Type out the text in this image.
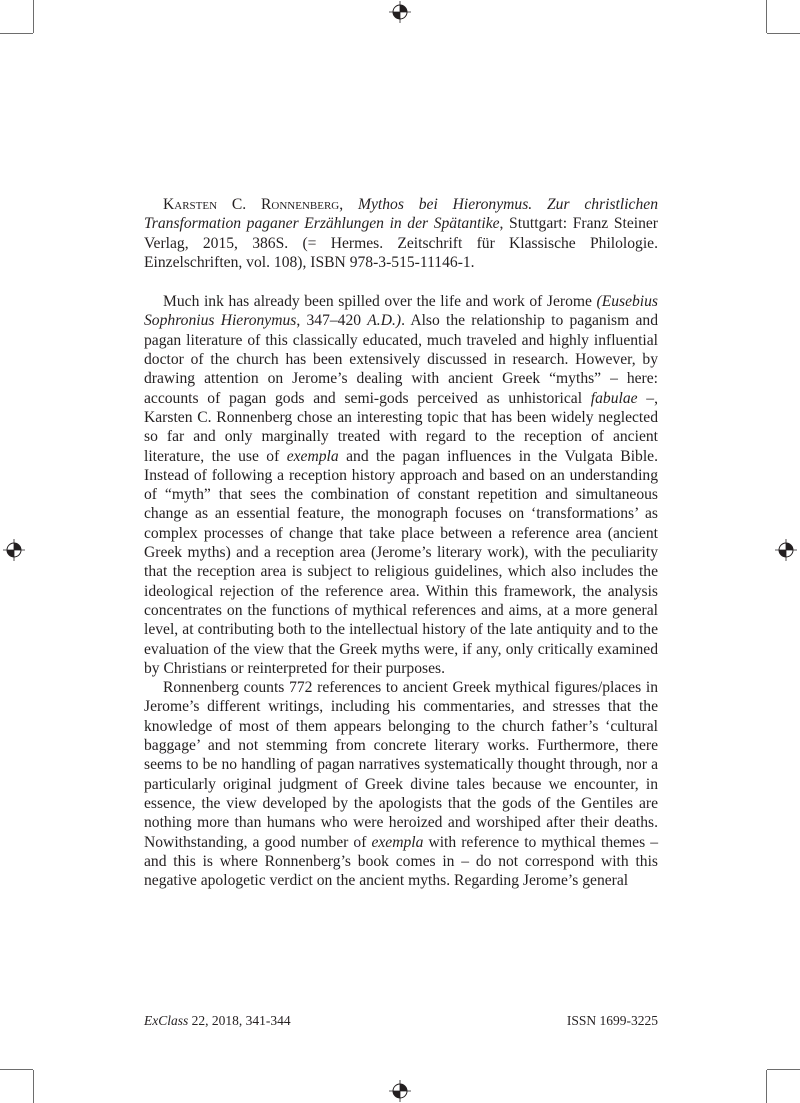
Karsten C. Ronnenberg, Mythos bei Hieronymus. Zur christlichen Transformation paganer Erzählungen in der Spätantike, Stuttgart: Franz Steiner Verlag, 2015, 386S. (= Hermes. Zeitschrift für Klassische Philologie. Einzelschriften, vol. 108), ISBN 978-3-515-11146-1.

Much ink has already been spilled over the life and work of Jerome (Eusebius Sophronius Hieronymus, 347–420 A.D.). Also the relationship to paganism and pagan literature of this classically educated, much traveled and highly influential doctor of the church has been extensively discussed in research. However, by drawing attention on Jerome’s dealing with ancient Greek “myths” – here: accounts of pagan gods and semi-gods perceived as unhistorical fabulae –, Karsten C. Ronnenberg chose an interesting topic that has been widely neglected so far and only marginally treated with regard to the reception of ancient literature, the use of exempla and the pagan influences in the Vulgata Bible. Instead of following a reception history approach and based on an understanding of “myth” that sees the combination of constant repetition and simultaneous change as an essential feature, the monograph focuses on ‘transformations’ as complex processes of change that take place between a reference area (ancient Greek myths) and a reception area (Jerome’s literary work), with the peculiarity that the reception area is subject to religious guidelines, which also includes the ideological rejection of the reference area. Within this framework, the analysis concentrates on the functions of mythical references and aims, at a more general level, at contributing both to the intellectual history of the late antiquity and to the evaluation of the view that the Greek myths were, if any, only critically examined by Christians or reinterpreted for their purposes.

Ronnenberg counts 772 references to ancient Greek mythical figures/places in Jerome’s different writings, including his commentaries, and stresses that the knowledge of most of them appears belonging to the church father’s ‘cultural baggage’ and not stemming from concrete literary works. Furthermore, there seems to be no handling of pagan narratives systematically thought through, nor a particularly original judgment of Greek divine tales because we encounter, in essence, the view developed by the apologists that the gods of the Gentiles are nothing more than humans who were heroized and worshiped after their deaths. Nowithstanding, a good number of exempla with reference to mythical themes – and this is where Ronnenberg’s book comes in – do not correspond with this negative apologetic verdict on the ancient myths. Regarding Jerome’s general

ExClass 22, 2018, 341-344	ISSN 1699-3225
